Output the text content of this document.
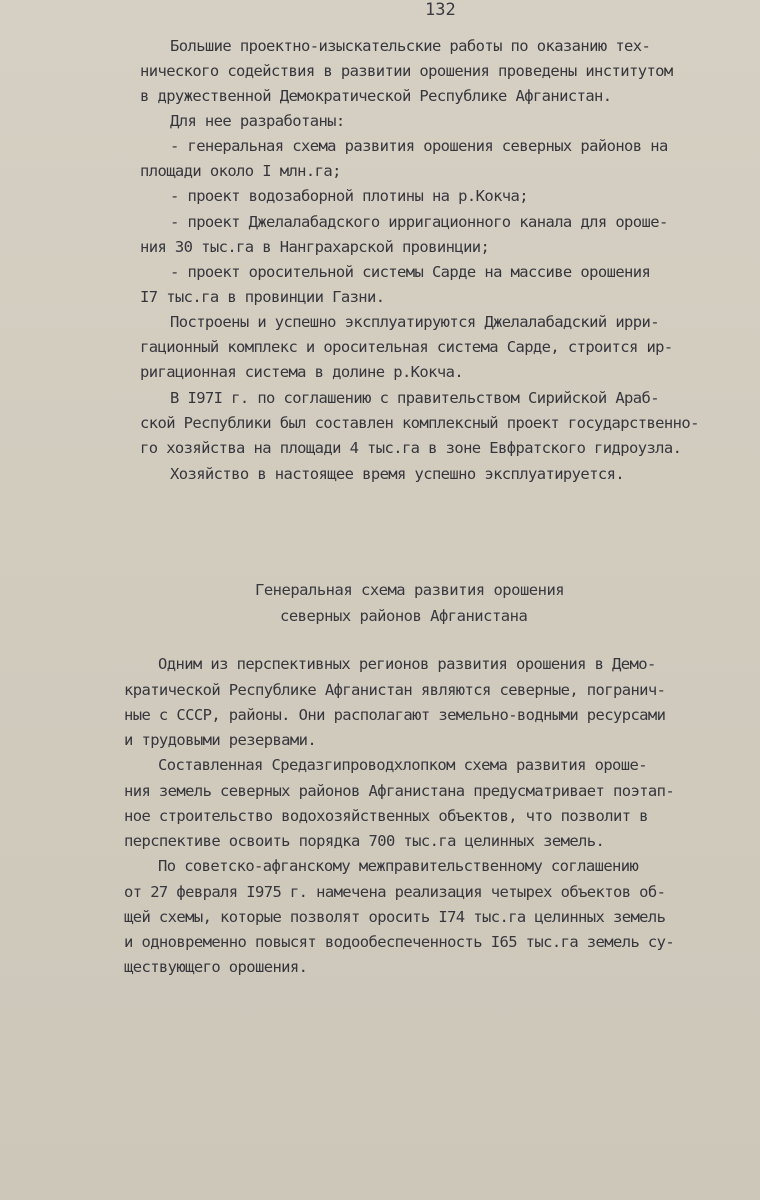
132
Большие проектно-изыскательские работы по оказанию тех-
нического содействия в развитии орошения проведены институтом
в дружественной Демократической Республике Афганистан.
Для нее разработаны:
- генеральная схема развития орошения северных районов на
площади около I млн.га;
- проект водозаборной плотины на р.Кокча;
- проект Джелалабадского ирригационного канала для ороше-
ния 30 тыс.га в Нанграхарской провинции;
- проект оросительной системы Сарде на массиве орошения
I7 тыс.га в провинции Газни.
Построены и успешно эксплуатируются Джелалабадский ирри-
гационный комплекс и оросительная система Сарде, строится ир-
ригационная система в долине р.Кокча.
В I97I г. по соглашению с правительством Сирийской Араб-
ской Республики был составлен комплексный проект государственно-
го хозяйства на площади 4 тыс.га в зоне Евфратского гидроузла.
Хозяйство в настоящее время успешно эксплуатируется.
Генеральная схема развития орошения
северных районов Афганистана
Одним из перспективных регионов развития орошения в Демо-
кратической Республике Афганистан являются северные, погранич-
ные с СССР, районы. Они располагают земельно-водными ресурсами
и трудовыми резервами.
Составленная Средазгипроводхлопком схема развития ороше-
ния земель северных районов Афганистана предусматривает поэтап-
ное строительство водохозяйственных объектов, что позволит в
перспективе освоить порядка 700 тыс.га целинных земель.
По советско-афганскому межправительственному соглашению
от 27 февраля I975 г. намечена реализация четырех объектов об-
щей схемы, которые позволят оросить I74 тыс.га целинных земель
и одновременно повысят водообеспеченность I65 тыс.га земель су-
ществующего орошения.
